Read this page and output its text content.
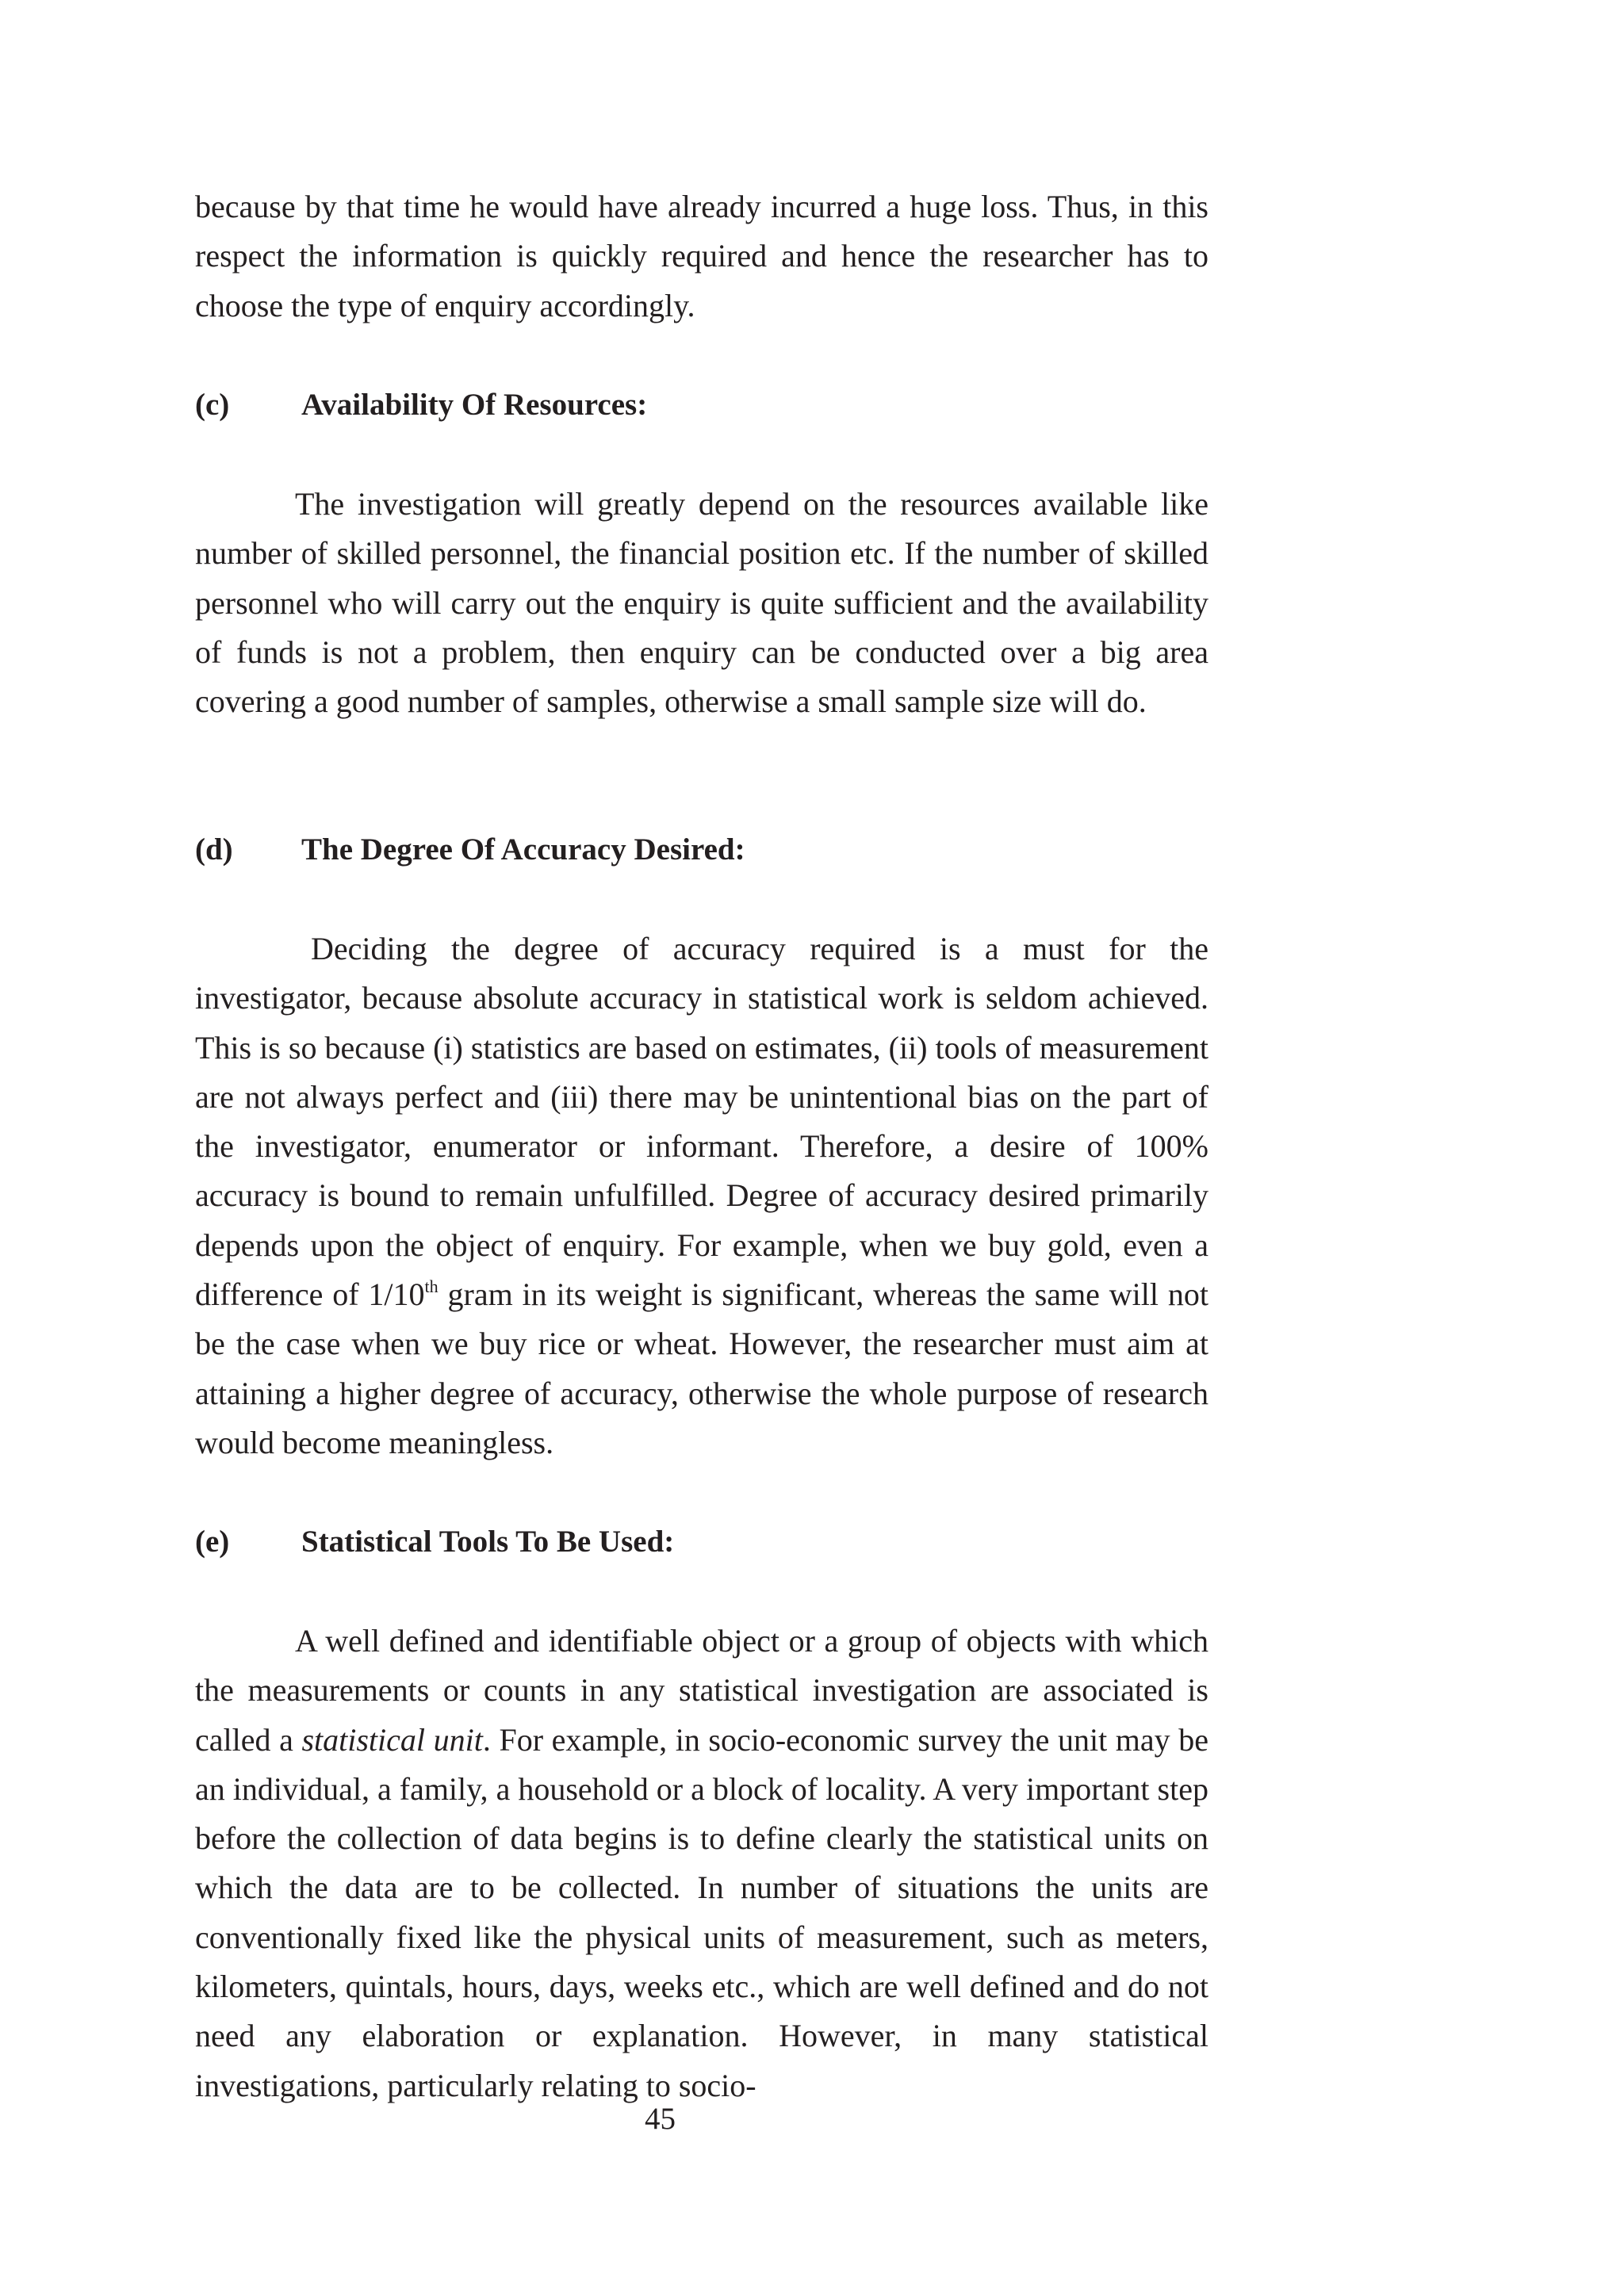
because by that time he would have already incurred a huge loss. Thus, in this respect the information is quickly required and hence the researcher has to choose the type of enquiry accordingly.

(c)	Availability Of Resources:

The investigation will greatly depend on the resources available like number of skilled personnel, the financial position etc. If the number of skilled personnel who will carry out the enquiry is quite sufficient and the availability of funds is not a problem, then enquiry can be conducted over a big area covering a good number of samples, otherwise a small sample size will do.

(d)	The Degree Of Accuracy Desired:

Deciding the degree of accuracy required is a must for the investigator, because absolute accuracy in statistical work is seldom achieved. This is so because (i) statistics are based on estimates, (ii) tools of measurement are not always perfect and (iii) there may be unintentional bias on the part of the investigator, enumerator or informant. Therefore, a desire of 100% accuracy is bound to remain unfulfilled. Degree of accuracy desired primarily depends upon the object of enquiry. For example, when we buy gold, even a difference of 1/10th gram in its weight is significant, whereas the same will not be the case when we buy rice or wheat. However, the researcher must aim at attaining a higher degree of accuracy, otherwise the whole purpose of research would become meaningless.

(e)	Statistical Tools To Be Used:

A well defined and identifiable object or a group of objects with which the measurements or counts in any statistical investigation are associated is called a statistical unit. For example, in socio-economic survey the unit may be an individual, a family, a household or a block of locality. A very important step before the collection of data begins is to define clearly the statistical units on which the data are to be collected. In number of situations the units are conventionally fixed like the physical units of measurement, such as meters, kilometers, quintals, hours, days, weeks etc., which are well defined and do not need any elaboration or explanation. However, in many statistical investigations, particularly relating to socio-

45
